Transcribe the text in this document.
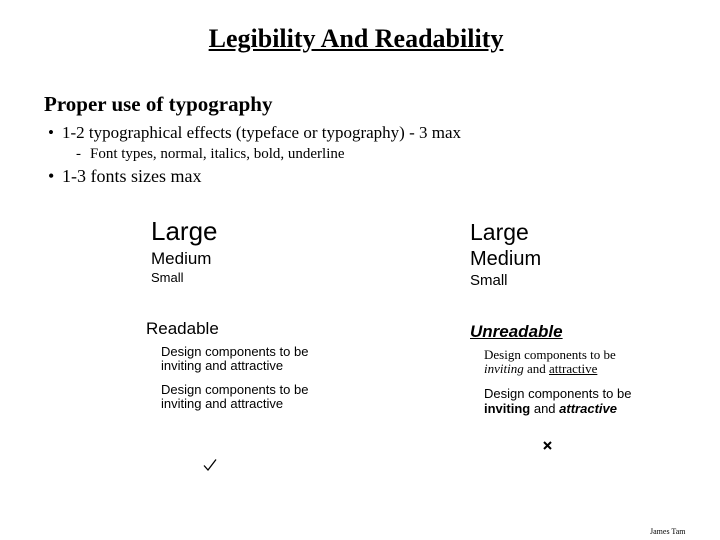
Legibility And Readability
Proper use of typography
• 1-2 typographical effects (typeface or typography) - 3 max
- Font types, normal, italics, bold, underline
• 1-3 fonts sizes max
Large
Medium
Small
Large
Medium
Small
Readable
Design components to be
inviting and attractive
Design components to be
inviting and attractive
Unreadable
Design components to be
inviting and attractive
Design components to be
inviting and attractive
James Tam
